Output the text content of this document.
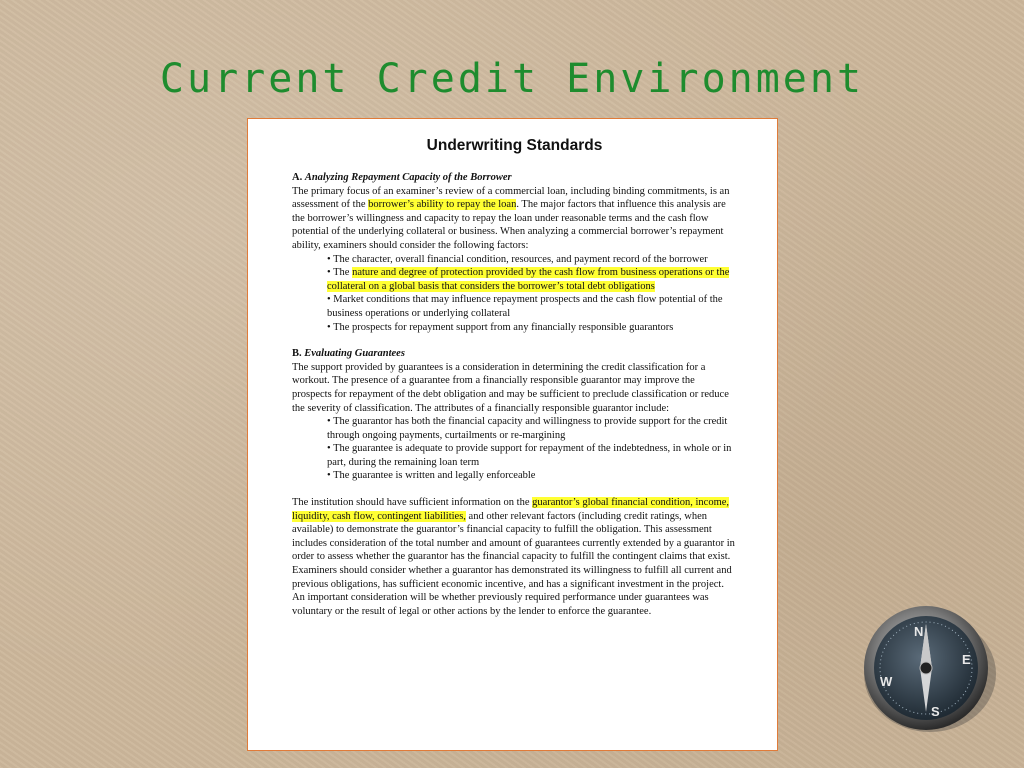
Current Credit Environment
Underwriting Standards

A. Analyzing Repayment Capacity of the Borrower

The primary focus of an examiner’s review of a commercial loan, including binding commitments, is an assessment of the borrower’s ability to repay the loan. The major factors that influence this analysis are the borrower’s willingness and capacity to repay the loan under reasonable terms and the cash flow potential of the underlying collateral or business. When analyzing a commercial borrower’s repayment ability, examiners should consider the following factors:

• The character, overall financial condition, resources, and payment record of the borrower
• The nature and degree of protection provided by the cash flow from business operations or the collateral on a global basis that considers the borrower’s total debt obligations
• Market conditions that may influence repayment prospects and the cash flow potential of the business operations or underlying collateral
• The prospects for repayment support from any financially responsible guarantors

B. Evaluating Guarantees

The support provided by guarantees is a consideration in determining the credit classification for a workout. The presence of a guarantee from a financially responsible guarantor may improve the prospects for repayment of the debt obligation and may be sufficient to preclude classification or reduce the severity of classification. The attributes of a financially responsible guarantor include:

• The guarantor has both the financial capacity and willingness to provide support for the credit through ongoing payments, curtailments or re-margining
• The guarantee is adequate to provide support for repayment of the indebtedness, in whole or in part, during the remaining loan term
• The guarantee is written and legally enforceable

The institution should have sufficient information on the guarantor’s global financial condition, income, liquidity, cash flow, contingent liabilities, and other relevant factors (including credit ratings, when available) to demonstrate the guarantor’s financial capacity to fulfill the obligation. This assessment includes consideration of the total number and amount of guarantees currently extended by a guarantor in order to assess whether the guarantor has the financial capacity to fulfill the contingent claims that exist.

Examiners should consider whether a guarantor has demonstrated its willingness to fulfill all current and previous obligations, has sufficient economic incentive, and has a significant investment in the project. An important consideration will be whether previously required performance under guarantees was voluntary or the result of legal or other actions by the lender to enforce the guarantee.

N
E
S
W
